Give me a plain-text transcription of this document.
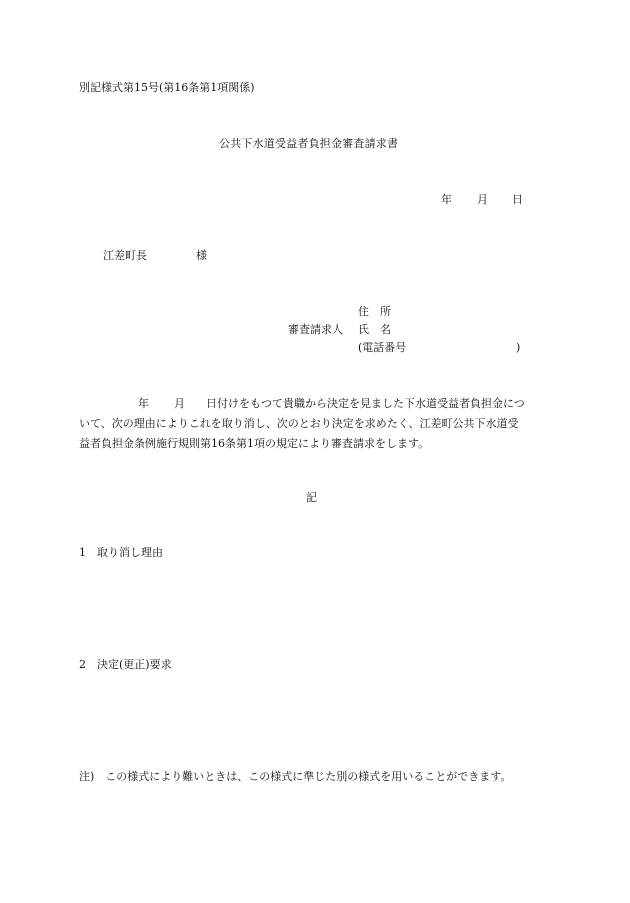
別記様式第15号(第16条第1項関係)
公共下水道受益者負担金審査請求書
年 月 日
江差町長	様
住　所
審査請求人 氏　名
(電話番号	)
年 月 日付けをもつて貴職から決定を見ました下水道受益者負担金につ
いて、次の理由によりこれを取り消し、次のとおり決定を求めたく、江差町公共下水道受
益者負担金条例施行規則第16条第1項の規定により審査請求をします。
記
1　取り消し理由
2　決定(更正)要求
注)　この様式により難いときは、この様式に準じた別の様式を用いることができます。
